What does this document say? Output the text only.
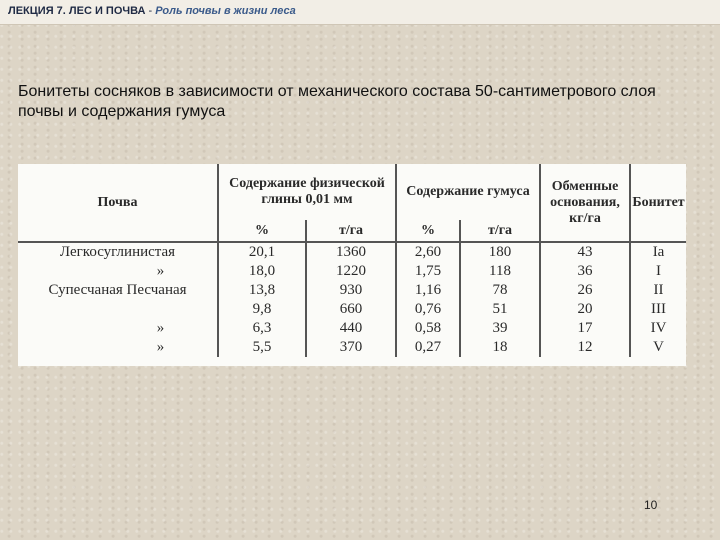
ЛЕКЦИЯ 7. ЛЕС И ПОЧВА - Роль почвы в жизни леса
Бонитеты сосняков в зависимости от механического состава 50-сантиметрового слоя почвы и содержания гумуса
Почва	Содержание физической глины 0,01 мм		Содержание гумуса		Обменные основания, кг/га	Бонитет
	%	т/га	%	т/га		
Легкосуглинистая	20,1	1360	2,60	180	43	Ia
»	18,0	1220	1,75	118	36	I
Супесчаная Песчаная	13,8	930	1,16	78	26	II
	9,8	660	0,76	51	20	III
»	6,3	440	0,58	39	17	IV
»	5,5	370	0,27	18	12	V
10
